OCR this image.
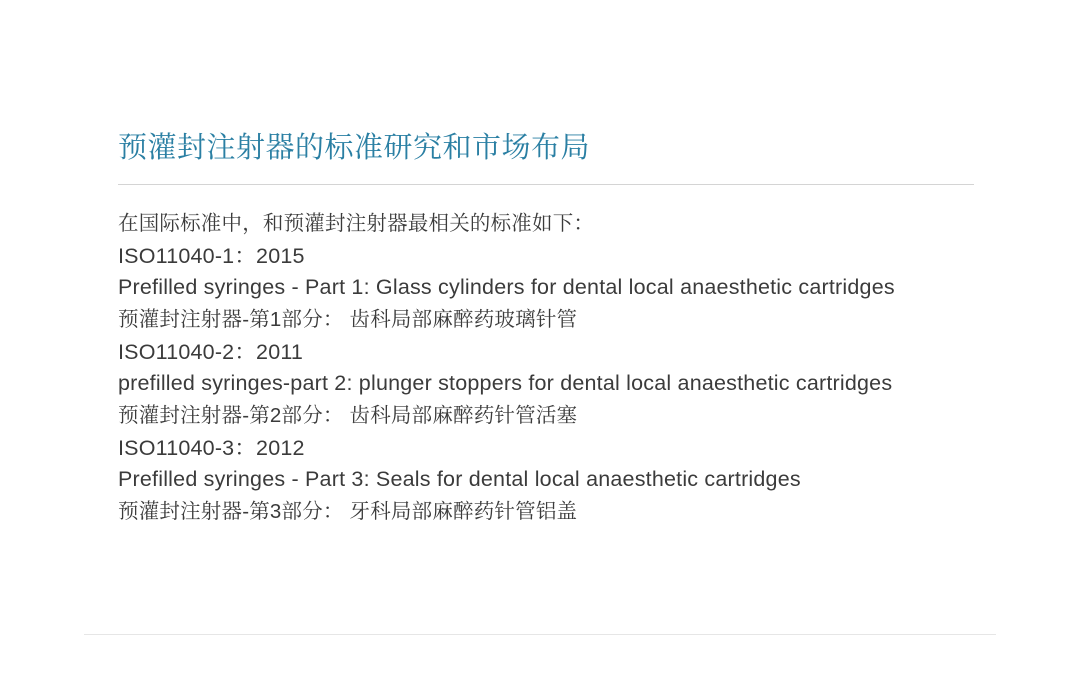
预灌封注射器的标准研究和市场布局
在国际标准中，和预灌封注射器最相关的标准如下：
ISO11040-1：2015
Prefilled syringes - Part 1: Glass cylinders for dental local anaesthetic cartridges
预灌封注射器-第1部分： 齿科局部麻醉药玻璃针管
ISO11040-2：2011
prefilled syringes-part 2: plunger stoppers for dental local anaesthetic cartridges
预灌封注射器-第2部分： 齿科局部麻醉药针管活塞
ISO11040-3：2012
Prefilled syringes - Part 3: Seals for dental local anaesthetic cartridges
预灌封注射器-第3部分： 牙科局部麻醉药针管铝盖
